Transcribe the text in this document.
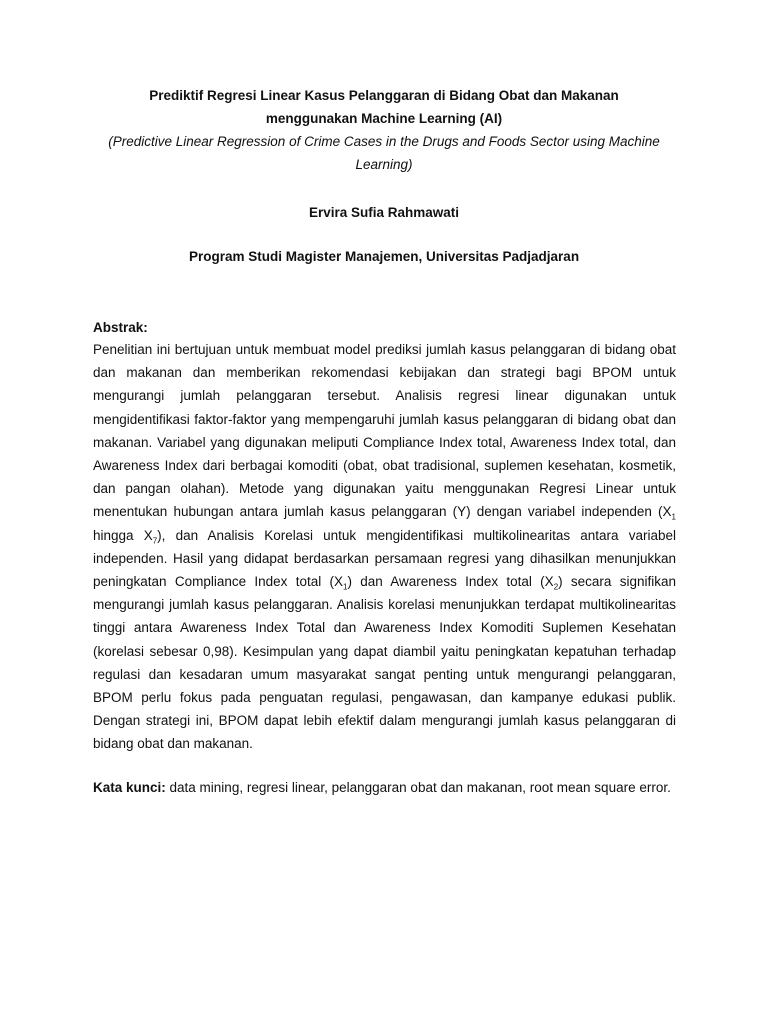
Prediktif Regresi Linear Kasus Pelanggaran di Bidang Obat dan Makanan
menggunakan Machine Learning (AI)
(Predictive Linear Regression of Crime Cases in the Drugs and Foods Sector using Machine
Learning)
Ervira Sufia Rahmawati
Program Studi Magister Manajemen, Universitas Padjadjaran
Abstrak:
Penelitian ini bertujuan untuk membuat model prediksi jumlah kasus pelanggaran di bidang obat dan makanan dan memberikan rekomendasi kebijakan dan strategi bagi BPOM untuk mengurangi jumlah pelanggaran tersebut. Analisis regresi linear digunakan untuk mengidentifikasi faktor-faktor yang mempengaruhi jumlah kasus pelanggaran di bidang obat dan makanan. Variabel yang digunakan meliputi Compliance Index total, Awareness Index total, dan Awareness Index dari berbagai komoditi (obat, obat tradisional, suplemen kesehatan, kosmetik, dan pangan olahan). Metode yang digunakan yaitu menggunakan Regresi Linear untuk menentukan hubungan antara jumlah kasus pelanggaran (Y) dengan variabel independen ($X_1$ hingga $X_7$), dan Analisis Korelasi untuk mengidentifikasi multikolinearitas antara variabel independen. Hasil yang didapat berdasarkan persamaan regresi yang dihasilkan menunjukkan peningkatan Compliance Index total $(X_1)$ dan Awareness Index total $(X_2)$ secara signifikan mengurangi jumlah kasus pelanggaran. Analisis korelasi menunjukkan terdapat multikolinearitas tinggi antara Awareness Index Total dan Awareness Index Komoditi Suplemen Kesehatan (korelasi sebesar 0,98). Kesimpulan yang dapat diambil yaitu peningkatan kepatuhan terhadap regulasi dan kesadaran umum masyarakat sangat penting untuk mengurangi pelanggaran, BPOM perlu fokus pada penguatan regulasi, pengawasan, dan kampanye edukasi publik. Dengan strategi ini, BPOM dapat lebih efektif dalam mengurangi jumlah kasus pelanggaran di bidang obat dan makanan.
Kata kunci: data mining, regresi linear, pelanggaran obat dan makanan, root mean square error.
